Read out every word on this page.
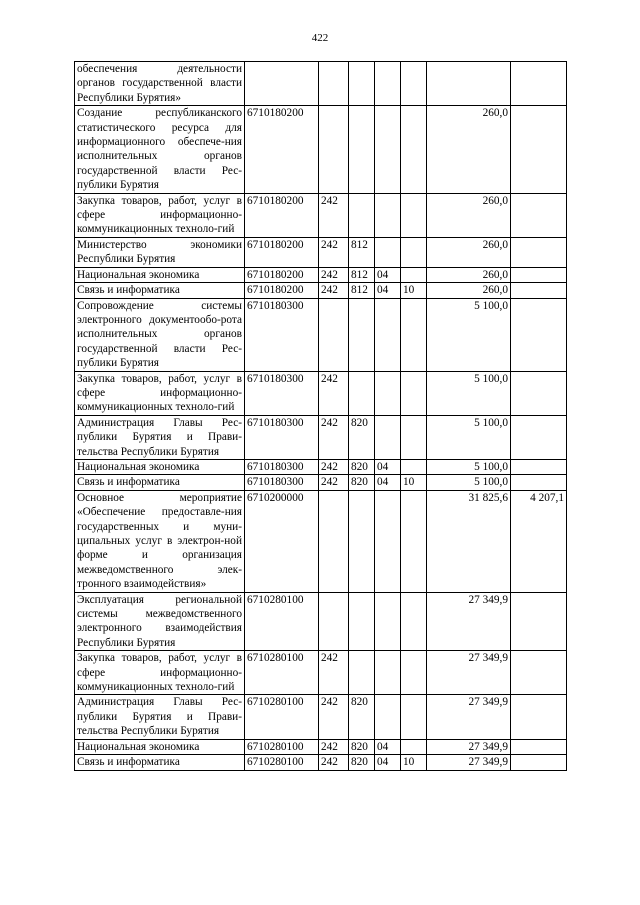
422
обеспечения деятельности органов государственной власти Республики Бурятия»							
Создание республиканского статистического ресурса для информационного обеспече-ния исполнительных органов государственной власти Рес-публики Бурятия	6710180200					260,0	
Закупка товаров, работ, услуг в сфере информационно-коммуникационных техноло-гий	6710180200	242				260,0	
Министерство экономики Республики Бурятия	6710180200	242	812			260,0	
Национальная экономика	6710180200	242	812	04		260,0	
Связь и информатика	6710180200	242	812	04	10	260,0	
Сопровождение системы электронного документообо-рота исполнительных органов государственной власти Рес-публики Бурятия	6710180300					5 100,0	
Закупка товаров, работ, услуг в сфере информационно-коммуникационных техноло-гий	6710180300	242				5 100,0	
Администрация Главы Рес-публики Бурятия и Прави-тельства Республики Бурятия	6710180300	242	820			5 100,0	
Национальная экономика	6710180300	242	820	04		5 100,0	
Связь и информатика	6710180300	242	820	04	10	5 100,0	
Основное мероприятие «Обеспечение предоставле-ния государственных и муни-ципальных услуг в электрон-ной форме и организация межведомственного элек-тронного взаимодействия»	6710200000					31 825,6	4 207,1
Эксплуатация региональной системы межведомственного электронного взаимодействия Республики Бурятия	6710280100					27 349,9	
Закупка товаров, работ, услуг в сфере информационно-коммуникационных техноло-гий	6710280100	242				27 349,9	
Администрация Главы Рес-публики Бурятия и Прави-тельства Республики Бурятия	6710280100	242	820			27 349,9	
Национальная экономика	6710280100	242	820	04		27 349,9	
Связь и информатика	6710280100	242	820	04	10	27 349,9	
